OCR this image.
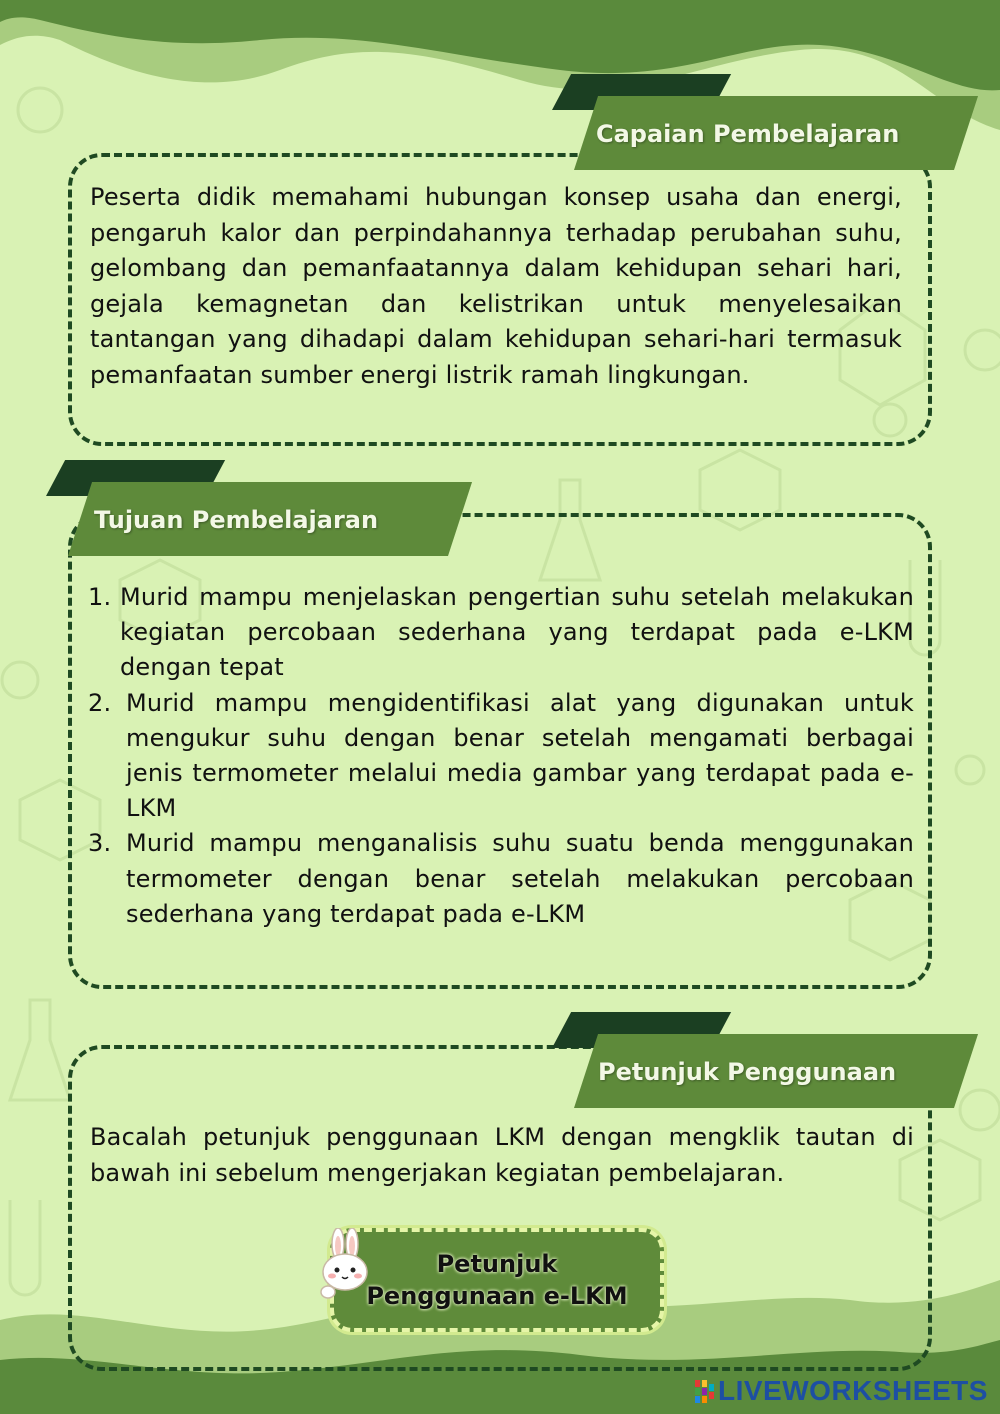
Capaian Pembelajaran

Peserta didik memahami hubungan konsep usaha dan energi, pengaruh kalor dan perpindahannya terhadap perubahan suhu, gelombang dan pemanfaatannya dalam kehidupan sehari hari, gejala kemagnetan dan kelistrikan untuk menyelesaikan tantangan yang dihadapi dalam kehidupan sehari-hari termasuk pemanfaatan sumber energi listrik ramah lingkungan.

Tujuan Pembelajaran
1. Murid mampu menjelaskan pengertian suhu setelah melakukan kegiatan percobaan sederhana yang terdapat pada e-LKM dengan tepat
2. Murid mampu mengidentifikasi alat yang digunakan untuk mengukur suhu dengan benar setelah mengamati berbagai jenis termometer melalui media gambar yang terdapat pada e-LKM
3. Murid mampu menganalisis suhu suatu benda menggunakan termometer dengan benar setelah melakukan percobaan sederhana yang terdapat pada e-LKM
Petunjuk Penggunaan

Bacalah petunjuk penggunaan LKM dengan mengklik tautan di bawah ini sebelum mengerjakan kegiatan pembelajaran.

Petunjuk
Penggunaan e-LKM
LIVEWORKSHEETS
